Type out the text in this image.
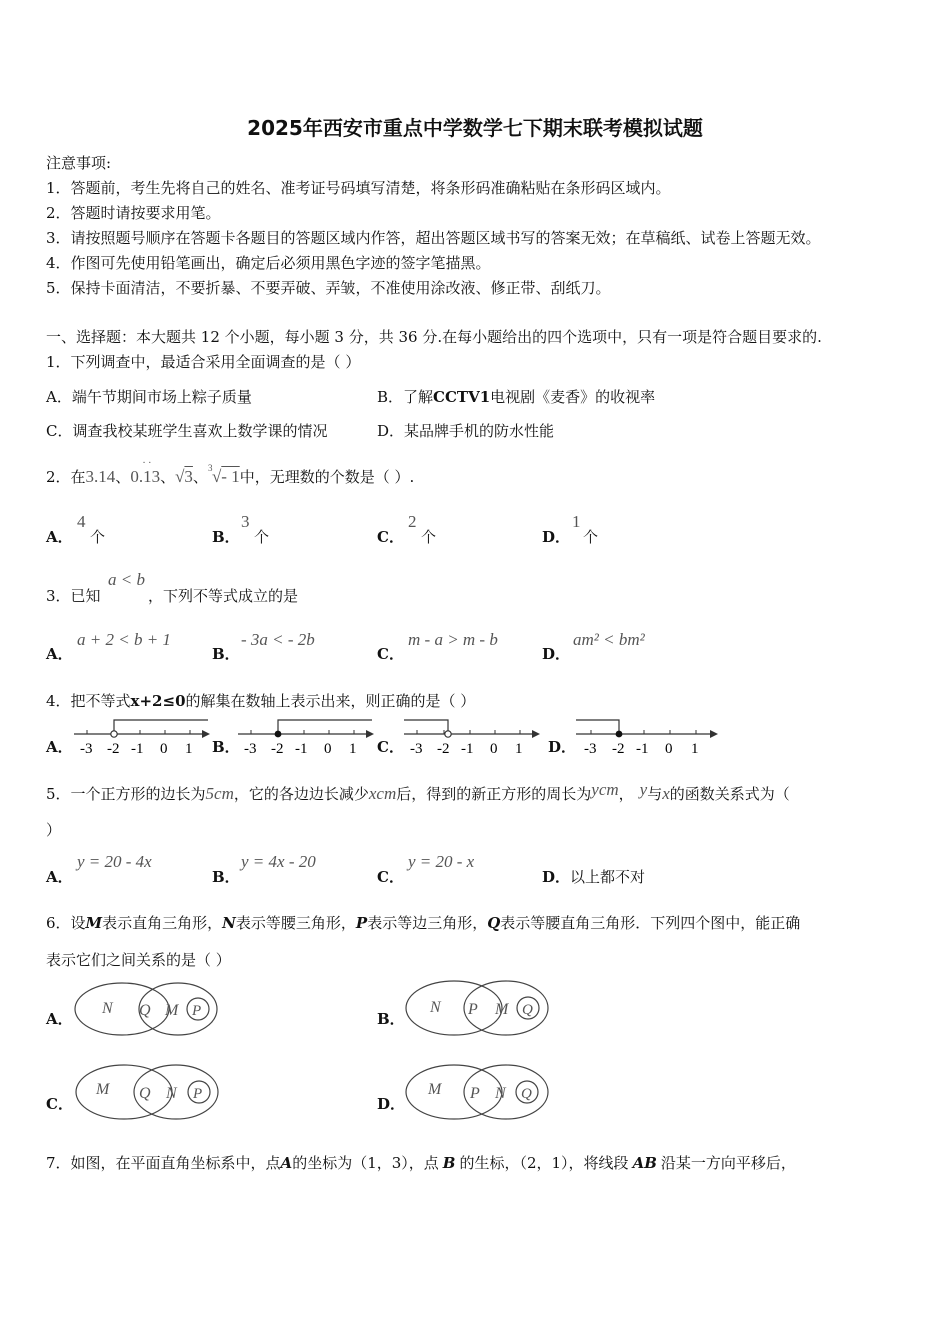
2025年西安市重点中学数学七下期末联考模拟试题
注意事项:
1．答题前，考生先将自己的姓名、准考证号码填写清楚，将条形码准确粘贴在条形码区域内。
2．答题时请按要求用笔。
3．请按照题号顺序在答题卡各题目的答题区域内作答，超出答题区域书写的答案无效；在草稿纸、试卷上答题无效。
4．作图可先使用铅笔画出，确定后必须用黑色字迹的签字笔描黑。
5．保持卡面清洁，不要折暴、不要弄破、弄皱，不准使用涂改液、修正带、刮纸刀。
一、选择题：本大题共 12 个小题，每小题 3 分，共 36 分.在每小题给出的四个选项中，只有一项是符合题目要求的.
1．下列调查中，最适合采用全面调查的是（ ）
A．端午节期间市场上粽子质量	B．了解CCTV1电视剧《麦香》的收视率
C．调查我校某班学生喜欢上数学课的情况	D．某品牌手机的防水性能
2．在3.14、0.13
· ·
、√3、 3 √- 1中，无理数的个数是（ ）.
A．
4
个	B．
3
个	C．
2
个	D．
1
个
3．已知
a < b
，下列不等式成立的是
A．
a + 2 < b + 1
B．
- 3a < - 2b
C．
m - a > m - b
D．
am² < bm²
4．把不等式x+2≤0的解集在数轴上表示出来，则正确的是（ ）
A． -3 -2 -1 0 1 B． -3 -2 -1 0 1 C． -3 -2 -1 0 1 D． -3 -2 -1 0 1
5．一个正方形的边长为5cm，它的各边边长减少xcm后，得到的新正方形的周长为ycm， y与x的函数关系式为（
）
A．
y = 20 - 4x
B．
y = 4x - 20
C．
y = 20 - x
D．以上都不对
6．设M表示直角三角形，N表示等腰三角形，P表示等边三角形，Q表示等腰直角三角形．下列四个图中，能正确
表示它们之间关系的是（ ）
A．
N Q M P	B．
N P M Q
C．
M Q N P
D．
M P N Q
7．如图，在平面直角坐标系中，点A的坐标为（1，3），点 B 的生标，（2，1），将线段 AB 沿某一方向平移后，
